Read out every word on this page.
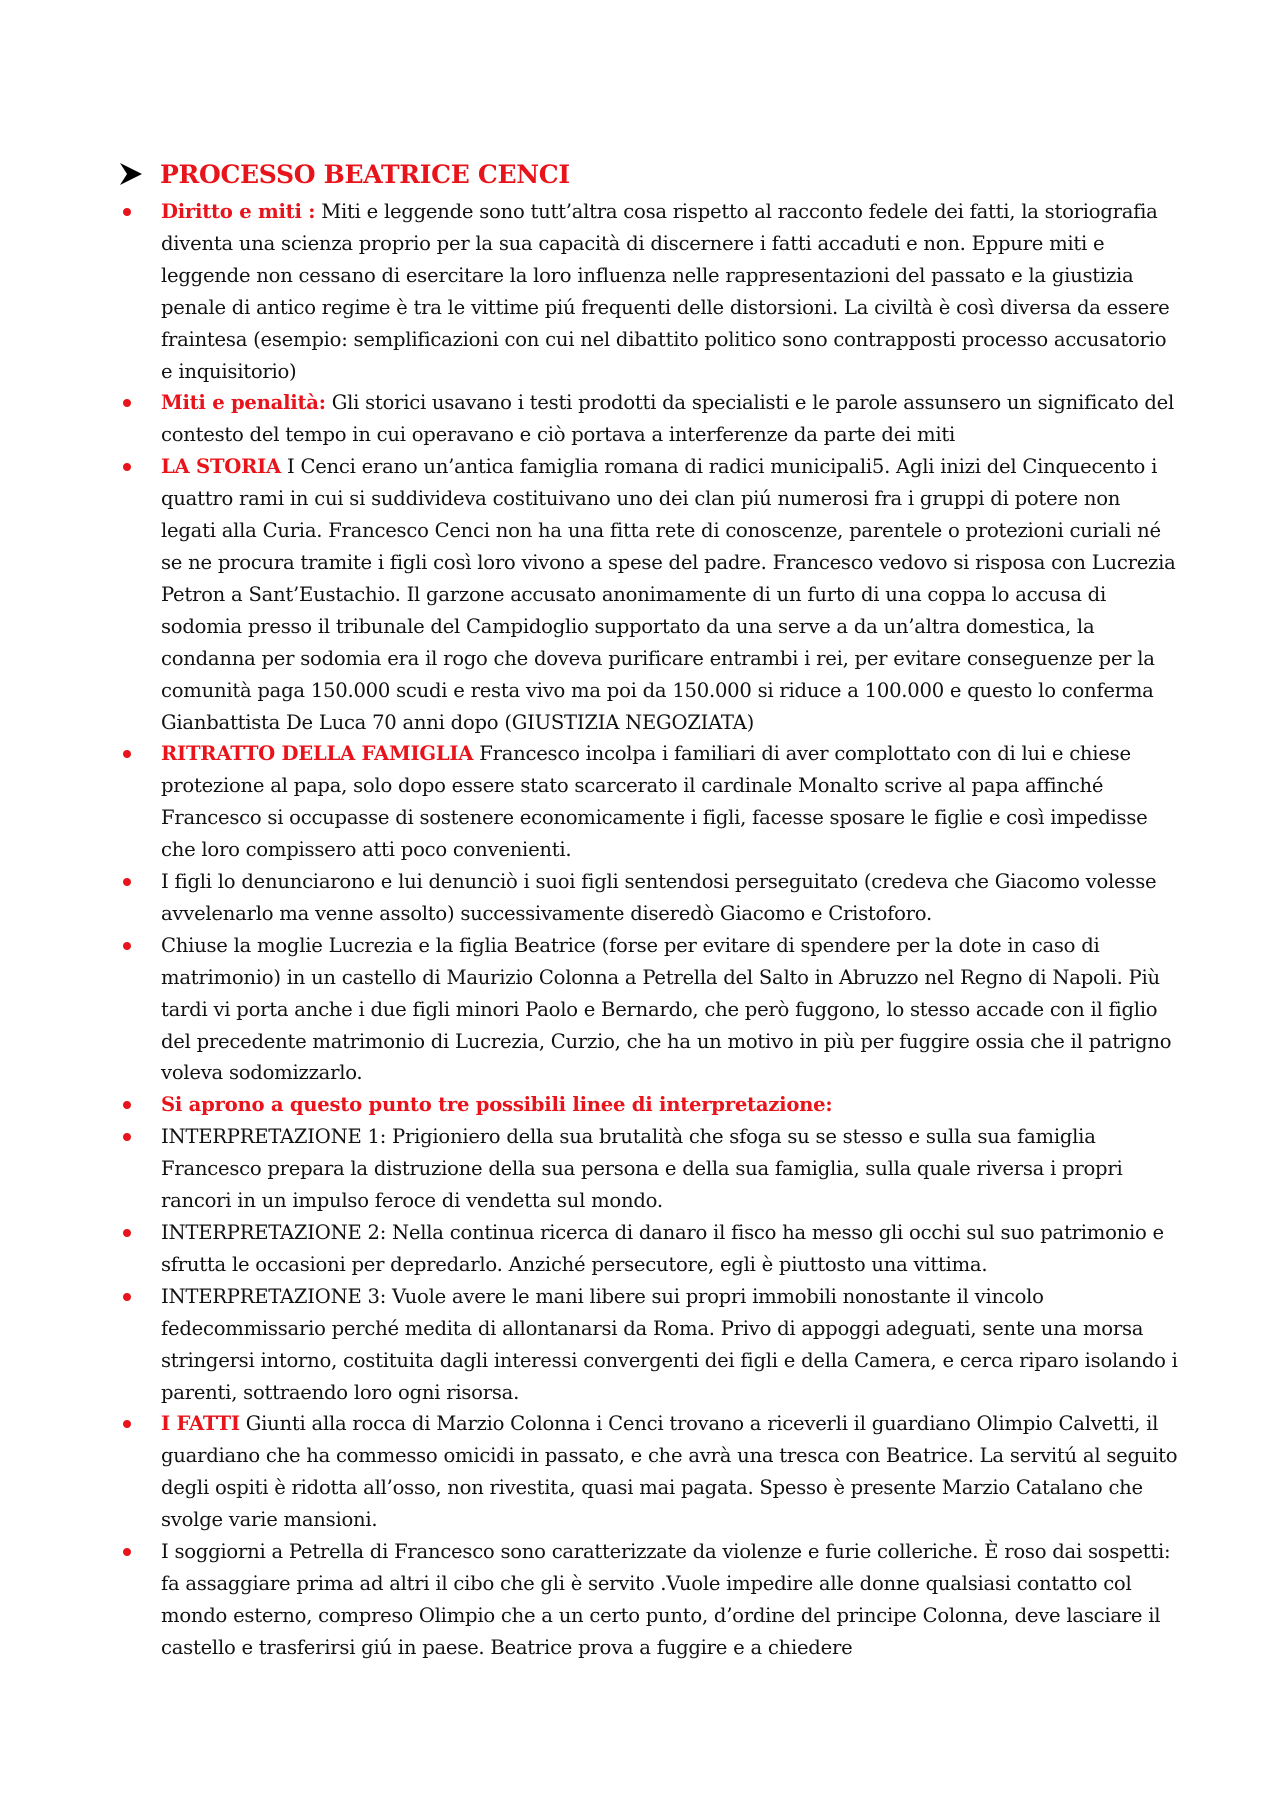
PROCESSO BEATRICE CENCI
Diritto e miti : Miti e leggende sono tutt’altra cosa rispetto al racconto fedele dei fatti, la storiografia diventa una scienza proprio per la sua capacità di discernere i fatti accaduti e non. Eppure miti e leggende non cessano di esercitare la loro influenza nelle rappresentazioni del passato e la giustizia penale di antico regime è tra le vittime piú frequenti delle distorsioni. La civiltà è così diversa da essere fraintesa (esempio: semplificazioni con cui nel dibattito politico sono contrapposti processo accusatorio e inquisitorio)
Miti e penalità: Gli storici usavano i testi prodotti da specialisti e le parole assunsero un significato del contesto del tempo in cui operavano e ciò portava a interferenze da parte dei miti
LA STORIA I Cenci erano un’antica famiglia romana di radici municipali5. Agli inizi del Cinquecento i quattro rami in cui si suddivideva costituivano uno dei clan piú numerosi fra i gruppi di potere non legati alla Curia. Francesco Cenci non ha una fitta rete di conoscenze, parentele o protezioni curiali né se ne procura tramite i figli così loro vivono a spese del padre. Francesco vedovo si risposa con Lucrezia Petron a Sant’Eustachio. Il garzone accusato anonimamente di un furto di una coppa lo accusa di sodomia presso il tribunale del Campidoglio supportato da una serve a da un’altra domestica, la condanna per sodomia era il rogo che doveva purificare entrambi i rei, per evitare conseguenze per la comunità paga 150.000 scudi e resta vivo ma poi da 150.000 si riduce a 100.000 e questo lo conferma Gianbattista De Luca 70 anni dopo (GIUSTIZIA NEGOZIATA)
RITRATTO DELLA FAMIGLIA Francesco incolpa i familiari di aver complottato con di lui e chiese protezione al papa, solo dopo essere stato scarcerato il cardinale Monalto scrive al papa affinché Francesco si occupasse di sostenere economicamente i figli, facesse sposare le figlie e così impedisse che loro compissero atti poco convenienti.
I figli lo denunciarono e lui denunciò i suoi figli sentendosi perseguitato (credeva che Giacomo volesse avvelenarlo ma venne assolto) successivamente diseredò Giacomo e Cristoforo.
Chiuse la moglie Lucrezia e la figlia Beatrice (forse per evitare di spendere per la dote in caso di matrimonio) in un castello di Maurizio Colonna a Petrella del Salto in Abruzzo nel Regno di Napoli. Più tardi vi porta anche i due figli minori Paolo e Bernardo, che però fuggono, lo stesso accade con il figlio del precedente matrimonio di Lucrezia, Curzio, che ha un motivo in più per fuggire ossia che il patrigno voleva sodomizzarlo.
Si aprono a questo punto tre possibili linee di interpretazione:
INTERPRETAZIONE 1: Prigioniero della sua brutalità che sfoga su se stesso e sulla sua famiglia Francesco prepara la distruzione della sua persona e della sua famiglia, sulla quale riversa i propri rancori in un impulso feroce di vendetta sul mondo.
INTERPRETAZIONE 2: Nella continua ricerca di danaro il fisco ha messo gli occhi sul suo patrimonio e sfrutta le occasioni per depredarlo. Anziché persecutore, egli è piuttosto una vittima.
INTERPRETAZIONE 3: Vuole avere le mani libere sui propri immobili nonostante il vincolo fedecommissario perché medita di allontanarsi da Roma. Privo di appoggi adeguati, sente una morsa stringersi intorno, costituita dagli interessi convergenti dei figli e della Camera, e cerca riparo isolando i parenti, sottraendo loro ogni risorsa.
I FATTI Giunti alla rocca di Marzio Colonna i Cenci trovano a riceverli il guardiano Olimpio Calvetti, il guardiano che ha commesso omicidi in passato, e che avrà una tresca con Beatrice. La servitú al seguito degli ospiti è ridotta all’osso, non rivestita, quasi mai pagata. Spesso è presente Marzio Catalano che svolge varie mansioni.
I soggiorni a Petrella di Francesco sono caratterizzate da violenze e furie colleriche. È roso dai sospetti: fa assaggiare prima ad altri il cibo che gli è servito .Vuole impedire alle donne qualsiasi contatto col mondo esterno, compreso Olimpio che a un certo punto, d’ordine del principe Colonna, deve lasciare il castello e trasferirsi giú in paese. Beatrice prova a fuggire e a chiedere
